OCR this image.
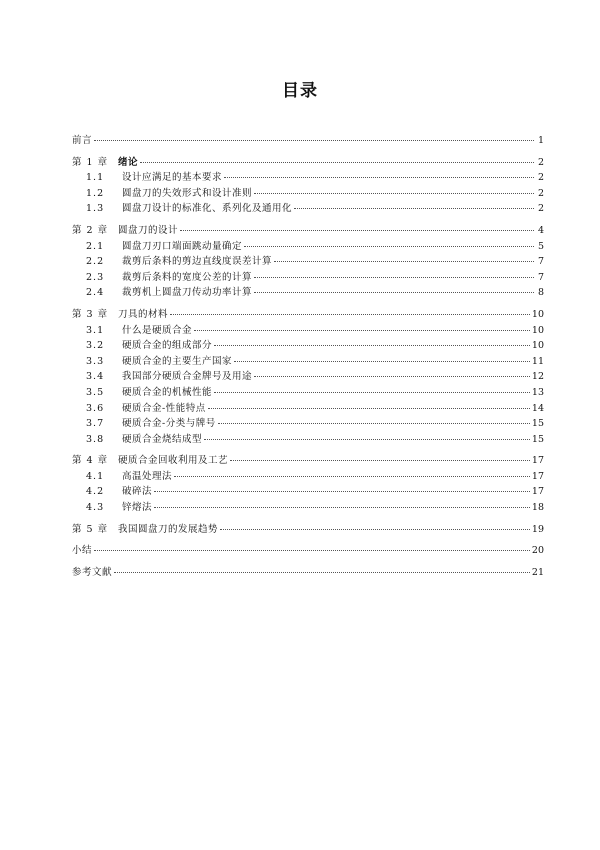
目录
前言	1
第 1 章	绪论	2
1.1	设计应满足的基本要求	2
1.2	圆盘刀的失效形式和设计准则	2
1.3	圆盘刀设计的标准化、系列化及通用化	2
第 2 章	圆盘刀的设计	4
2.1	圆盘刀刃口端面跳动量确定	5
2.2	裁剪后条料的剪边直线度误差计算	7
2.3	裁剪后条料的宽度公差的计算	7
2.4	裁剪机上圆盘刀传动功率计算	8
第 3 章	刀具的材料	10
3.1	什么是硬质合金	10
3.2	硬质合金的组成部分	10
3.3	硬质合金的主要生产国家	11
3.4	我国部分硬质合金牌号及用途	12
3.5	硬质合金的机械性能	13
3.6	硬质合金-性能特点	14
3.7	硬质合金-分类与牌号	15
3.8	硬质合金烧结成型	15
第 4 章	硬质合金回收利用及工艺	17
4.1	高温处理法	17
4.2	破碎法	17
4.3	锌熔法	18
第 5 章	我国圆盘刀的发展趋势	19
小结	20
参考文献	21
